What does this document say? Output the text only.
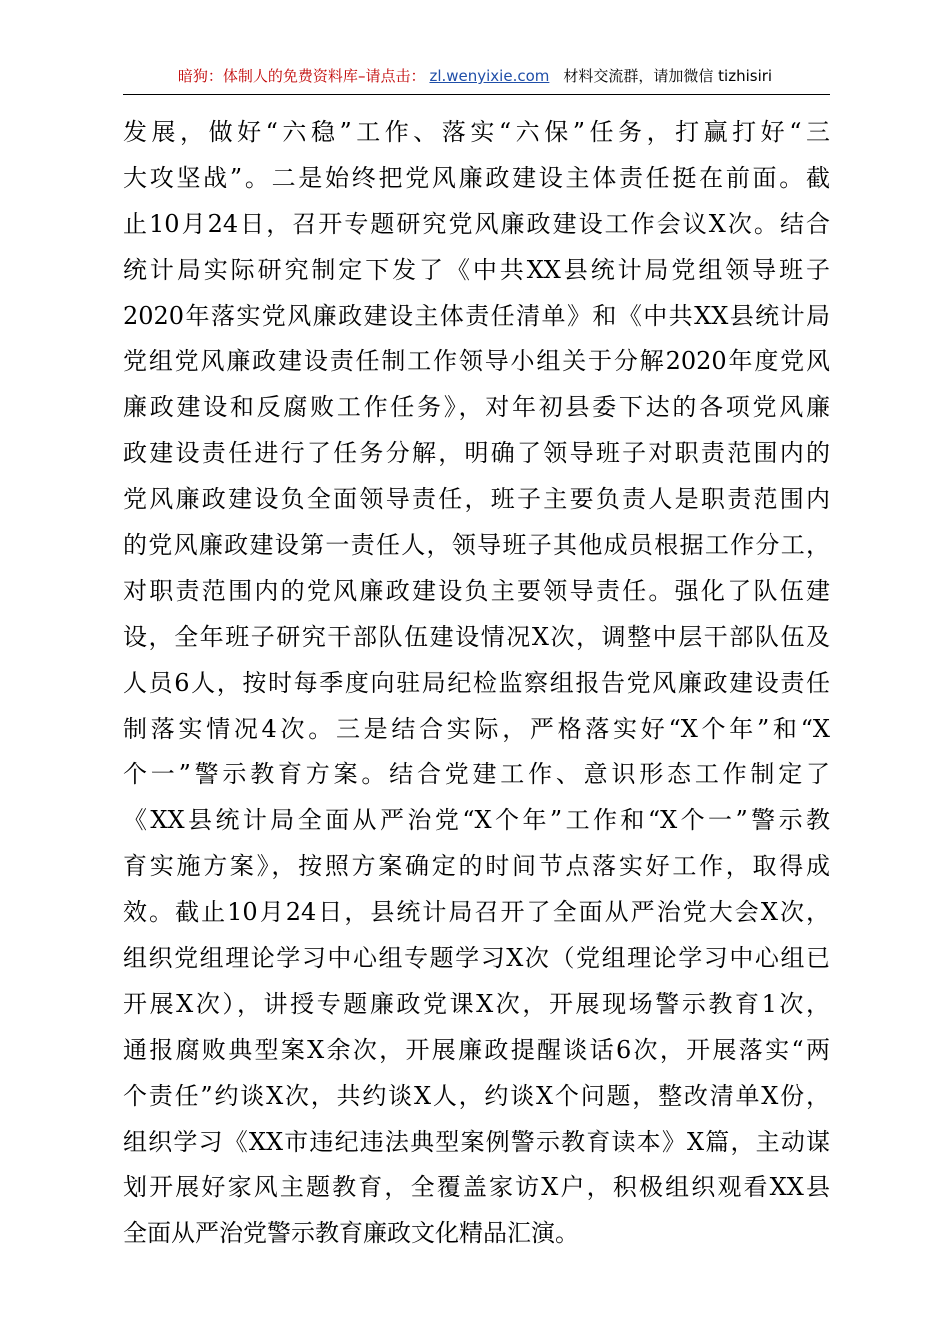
暗狗：体制人的免费资料库–请点击： zl.wenyixie.com 材料交流群，请加微信 tizhisiri
发展，做好“六稳”工作、落实“六保”任务，打赢打好“三
大攻坚战”。二是始终把党风廉政建设主体责任挺在前面。截
止10月24日，召开专题研究党风廉政建设工作会议X次。结合
统计局实际研究制定下发了《中共XX县统计局党组领导班子
2020年落实党风廉政建设主体责任清单》和《中共XX县统计局
党组党风廉政建设责任制工作领导小组关于分解2020年度党风
廉政建设和反腐败工作任务》，对年初县委下达的各项党风廉
政建设责任进行了任务分解，明确了领导班子对职责范围内的
党风廉政建设负全面领导责任，班子主要负责人是职责范围内
的党风廉政建设第一责任人，领导班子其他成员根据工作分工，
对职责范围内的党风廉政建设负主要领导责任。强化了队伍建
设，全年班子研究干部队伍建设情况X次，调整中层干部队伍及
人员6人，按时每季度向驻局纪检监察组报告党风廉政建设责任
制落实情况4次。三是结合实际，严格落实好“X个年”和“X
个一”警示教育方案。结合党建工作、意识形态工作制定了
《XX县统计局全面从严治党“X个年”工作和“X个一”警示教
育实施方案》，按照方案确定的时间节点落实好工作，取得成
效。截止10月24日，县统计局召开了全面从严治党大会X次，
组织党组理论学习中心组专题学习X次（党组理论学习中心组已
开展X次），讲授专题廉政党课X次，开展现场警示教育1次，
通报腐败典型案X余次，开展廉政提醒谈话6次，开展落实“两
个责任”约谈X次，共约谈X人，约谈X个问题，整改清单X份，
组织学习《XX市违纪违法典型案例警示教育读本》X篇，主动谋
划开展好家风主题教育，全覆盖家访X户，积极组织观看XX县
全面从严治党警示教育廉政文化精品汇演。
